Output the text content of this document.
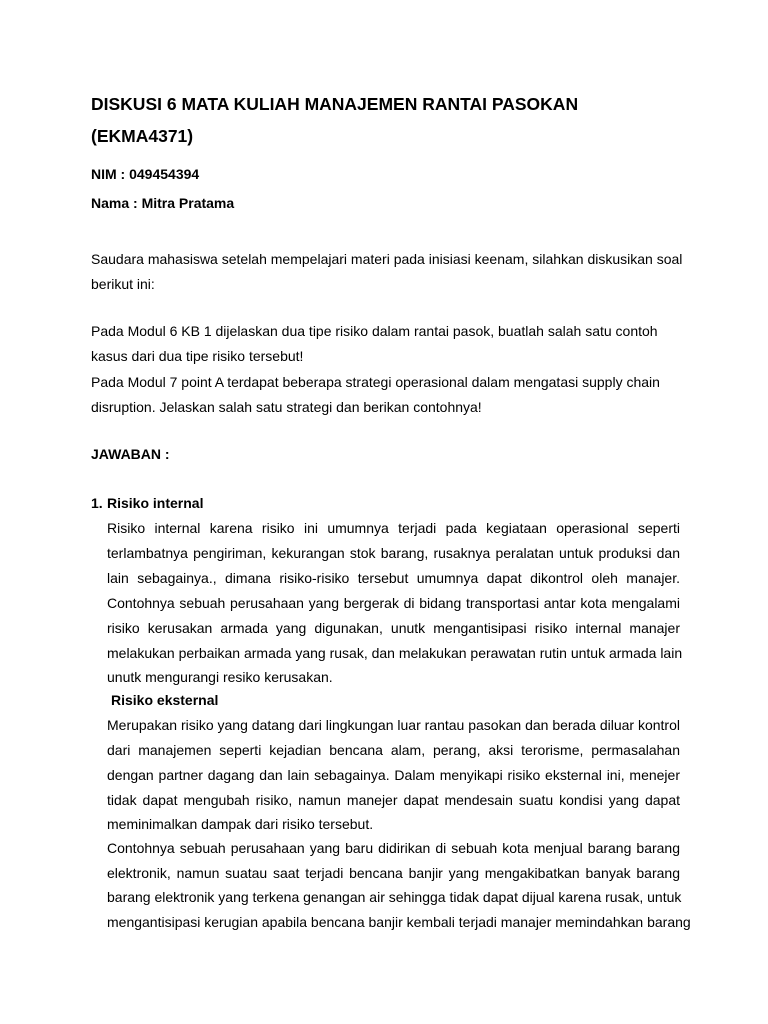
DISKUSI 6 MATA KULIAH MANAJEMEN RANTAI PASOKAN
(EKMA4371)
NIM : 049454394
Nama : Mitra Pratama
Saudara mahasiswa setelah mempelajari materi pada inisiasi keenam, silahkan diskusikan soal
berikut ini:
Pada Modul 6 KB 1 dijelaskan dua tipe risiko dalam rantai pasok, buatlah salah satu contoh
kasus dari dua tipe risiko tersebut!
Pada Modul 7 point A terdapat beberapa strategi operasional dalam mengatasi supply chain
disruption. Jelaskan salah satu strategi dan berikan contohnya!
JAWABAN :
1. Risiko internal
Risiko internal karena risiko ini umumnya terjadi pada kegiataan operasional seperti
terlambatnya pengiriman, kekurangan stok barang, rusaknya peralatan untuk produksi dan
lain sebagainya., dimana risiko-risiko tersebut umumnya dapat dikontrol oleh manajer.
Contohnya sebuah perusahaan yang bergerak di bidang transportasi antar kota mengalami
risiko kerusakan armada yang digunakan, unutk mengantisipasi risiko internal manajer
melakukan perbaikan armada yang rusak, dan melakukan perawatan rutin untuk armada lain
unutk mengurangi resiko kerusakan.
Risiko eksternal
Merupakan risiko yang datang dari lingkungan luar rantau pasokan dan berada diluar kontrol
dari manajemen seperti kejadian bencana alam, perang, aksi terorisme, permasalahan
dengan partner dagang dan lain sebagainya. Dalam menyikapi risiko eksternal ini, menejer
tidak dapat mengubah risiko, namun manejer dapat mendesain suatu kondisi yang dapat
meminimalkan dampak dari risiko tersebut.
Contohnya sebuah perusahaan yang baru didirikan di sebuah kota menjual barang barang
elektronik, namun suatau saat terjadi bencana banjir yang mengakibatkan banyak barang
barang elektronik yang terkena genangan air sehingga tidak dapat dijual karena rusak, untuk
mengantisipasi kerugian apabila bencana banjir kembali terjadi manajer memindahkan barang
